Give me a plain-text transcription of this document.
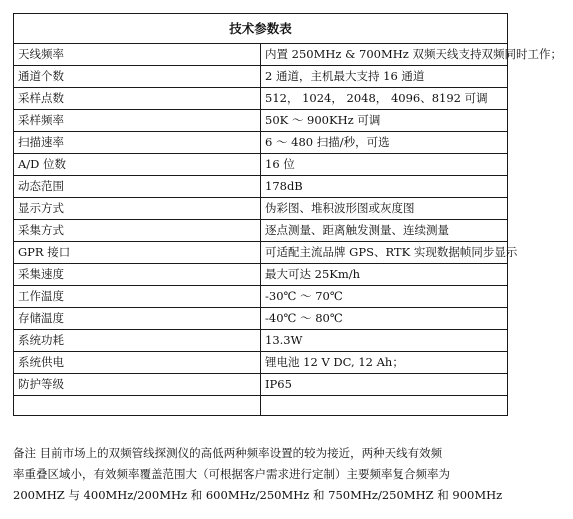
技术参数表	
天线频率	内置 250MHz & 700MHz 双频天线支持双频同时工作；
通道个数	2 通道，主机最大支持 16 通道
采样点数	512， 1024， 2048， 4096、8192 可调
采样频率	50K ～ 900KHz 可调
扫描速率	6 ～ 480 扫描/秒，可选
A/D 位数	16 位
动态范围	178dB
显示方式	伪彩图、堆积波形图或灰度图
采集方式	逐点测量、距离触发测量、连续测量
GPR 接口	可适配主流品牌 GPS、RTK 实现数据帧同步显示
采集速度	最大可达 25Km/h
工作温度	-30℃ ～ 70℃
存储温度	-40℃ ～ 80℃
系统功耗	13.3W
系统供电	锂电池 12 V DC, 12 Ah；
防护等级	IP65

备注 目前市场上的双频管线探测仪的高低两种频率设置的较为接近，两种天线有效频

率重叠区域小，有效频率覆盖范围大（可根据客户需求进行定制）主要频率复合频率为

200MHZ 与 400MHz/200MHz 和 600MHz/250MHz 和 750MHz/250MHZ 和 900MHz
